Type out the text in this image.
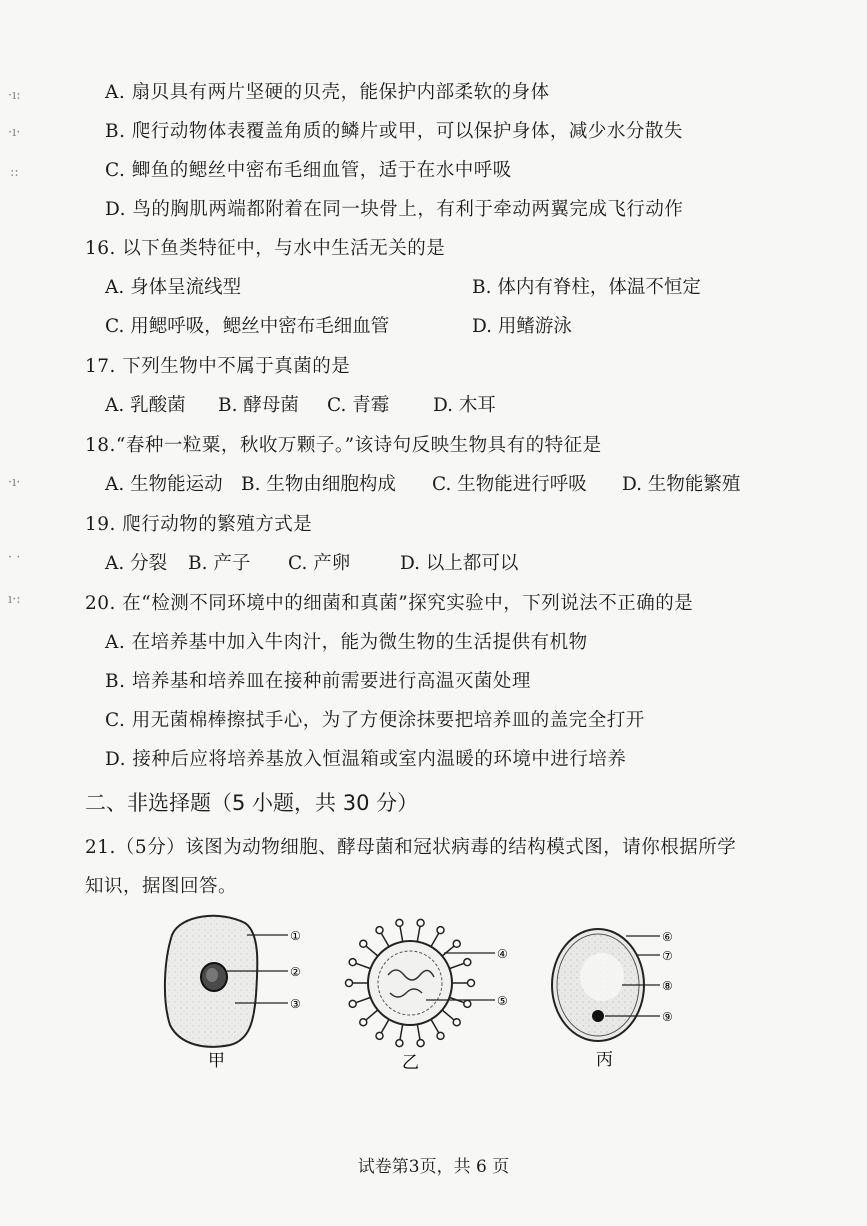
·ı:
·ı·
::
·ı·
· ·
ı·:
A. 扇贝具有两片坚硬的贝壳，能保护内部柔软的身体
B. 爬行动物体表覆盖角质的鳞片或甲，可以保护身体，减少水分散失
C. 鲫鱼的鳃丝中密布毛细血管，适于在水中呼吸
D. 鸟的胸肌两端都附着在同一块骨上，有利于牵动两翼完成飞行动作
16. 以下鱼类特征中，与水中生活无关的是
A. 身体呈流线型	B. 体内有脊柱，体温不恒定
C. 用鳃呼吸，鳃丝中密布毛细血管	D. 用鳍游泳
17. 下列生物中不属于真菌的是
A. 乳酸菌 B. 酵母菌 C. 青霉 D. 木耳
18.“春种一粒粟，秋收万颗子。”该诗句反映生物具有的特征是
A. 生物能运动 B. 生物由细胞构成 C. 生物能进行呼吸 D. 生物能繁殖
19. 爬行动物的繁殖方式是
A. 分裂 B. 产子 C. 产卵	D. 以上都可以
20. 在“检测不同环境中的细菌和真菌”探究实验中，下列说法不正确的是
A. 在培养基中加入牛肉汁，能为微生物的生活提供有机物
B. 培养基和培养皿在接种前需要进行高温灭菌处理
C. 用无菌棉棒擦拭手心，为了方便涂抹要把培养皿的盖完全打开
D. 接种后应将培养基放入恒温箱或室内温暖的环境中进行培养
二、非选择题（5 小题，共 30 分）
21.（5分）该图为动物细胞、酵母菌和冠状病毒的结构模式图，请你根据所学
知识，据图回答。
①
②
③
甲
④
⑤
乙
⑥
⑦
⑧
⑨
丙
试卷第3页，共 6 页
